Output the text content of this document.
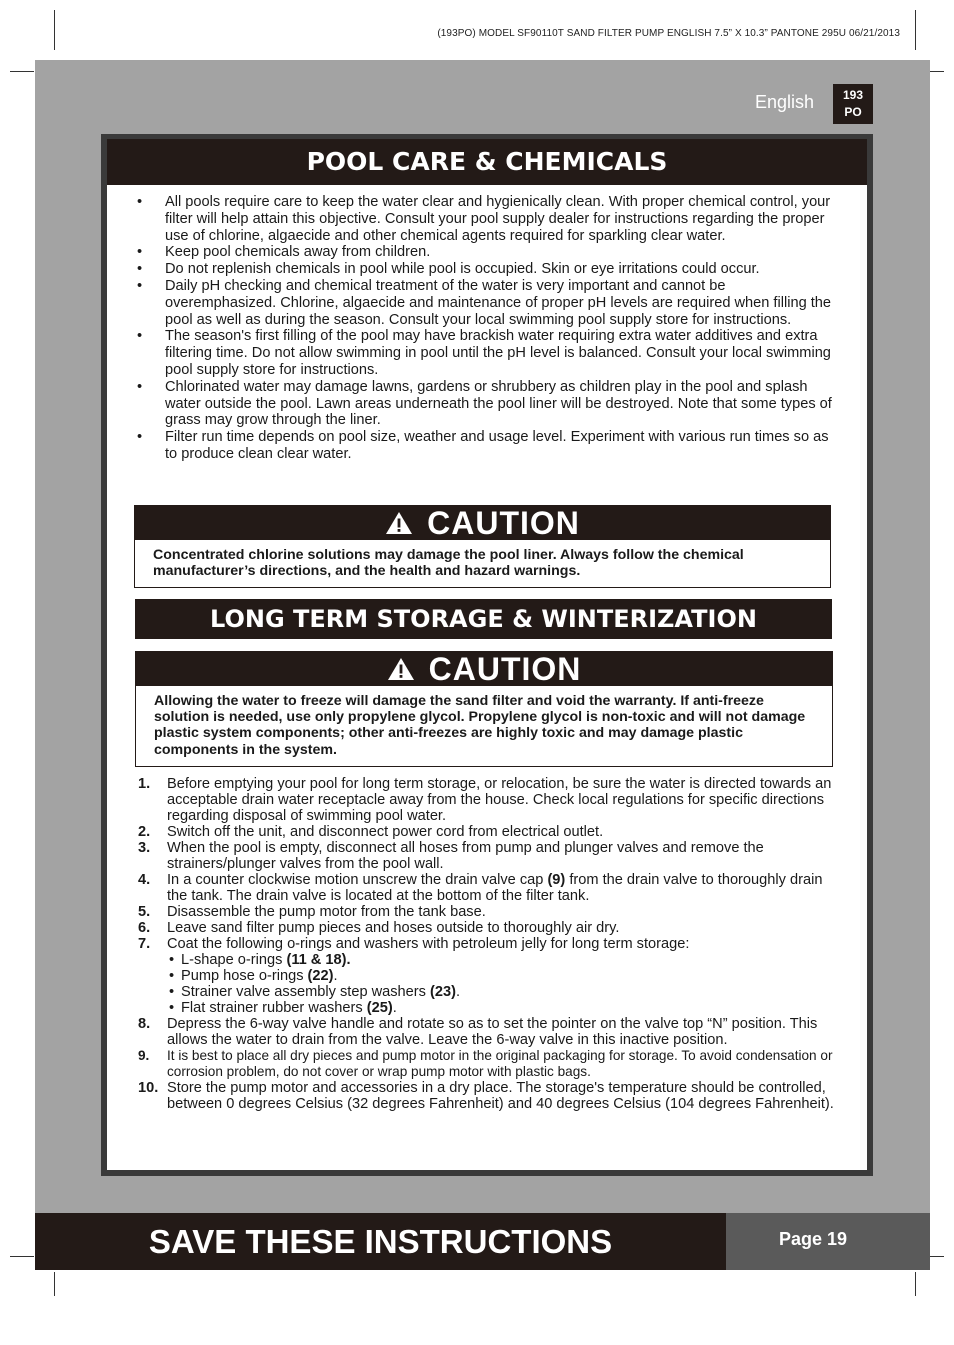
(193PO) MODEL SF90110T SAND FILTER PUMP ENGLISH 7.5” X 10.3” PANTONE 295U 06/21/2013
English	193
PO
POOL CARE & CHEMICALS
• All pools require care to keep the water clear and hygienically clean. With proper chemical control, your filter will help attain this objective. Consult your pool supply dealer for instructions regarding the proper use of chlorine, algaecide and other chemical agents required for sparkling clear water.
• Keep pool chemicals away from children.
• Do not replenish chemicals in pool while pool is occupied. Skin or eye irritations could occur.
• Daily pH checking and chemical treatment of the water is very important and cannot be overemphasized. Chlorine, algaecide and maintenance of proper pH levels are required when filling the pool as well as during the season. Consult your local swimming pool supply store for instructions.
• The season's first filling of the pool may have brackish water requiring extra water additives and extra filtering time. Do not allow swimming in pool until the pH level is balanced. Consult your local swimming pool supply store for instructions.
• Chlorinated water may damage lawns, gardens or shrubbery as children play in the pool and splash water outside the pool. Lawn areas underneath the pool liner will be destroyed. Note that some types of grass may grow through the liner.
• Filter run time depends on pool size, weather and usage level. Experiment with various run times so as to produce clean clear water.
CAUTION
Concentrated chlorine solutions may damage the pool liner. Always follow the chemical manufacturer’s directions, and the health and hazard warnings.
LONG TERM STORAGE & WINTERIZATION
CAUTION
Allowing the water to freeze will damage the sand filter and void the warranty. If anti-freeze solution is needed, use only propylene glycol. Propylene glycol is non-toxic and will not damage plastic system components; other anti-freezes are highly toxic and may damage plastic components in the system.
1. Before emptying your pool for long term storage, or relocation, be sure the water is directed towards an acceptable drain water receptacle away from the house. Check local regulations for specific directions regarding disposal of swimming pool water.
2. Switch off the unit, and disconnect power cord from electrical outlet.
3. When the pool is empty, disconnect all hoses from pump and plunger valves and remove the strainers/plunger valves from the pool wall.
4. In a counter clockwise motion unscrew the drain valve cap (9) from the drain valve to thoroughly drain the tank. The drain valve is located at the bottom of the filter tank.
5. Disassemble the pump motor from the tank base.
6. Leave sand filter pump pieces and hoses outside to thoroughly air dry.
7. Coat the following o-rings and washers with petroleum jelly for long term storage:
• L-shape o-rings (11 & 18).
• Pump hose o-rings (22).
• Strainer valve assembly step washers (23).
• Flat strainer rubber washers (25).
8. Depress the 6-way valve handle and rotate so as to set the pointer on the valve top “N” position. This allows the water to drain from the valve. Leave the 6-way valve in this inactive position.
9. It is best to place all dry pieces and pump motor in the original packaging for storage. To avoid condensation or corrosion problem, do not cover or wrap pump motor with plastic bags.
10. Store the pump motor and accessories in a dry place. The storage's temperature should be controlled, between 0 degrees Celsius (32 degrees Fahrenheit) and 40 degrees Celsius (104 degrees Fahrenheit).
SAVE THESE INSTRUCTIONS	Page 19
